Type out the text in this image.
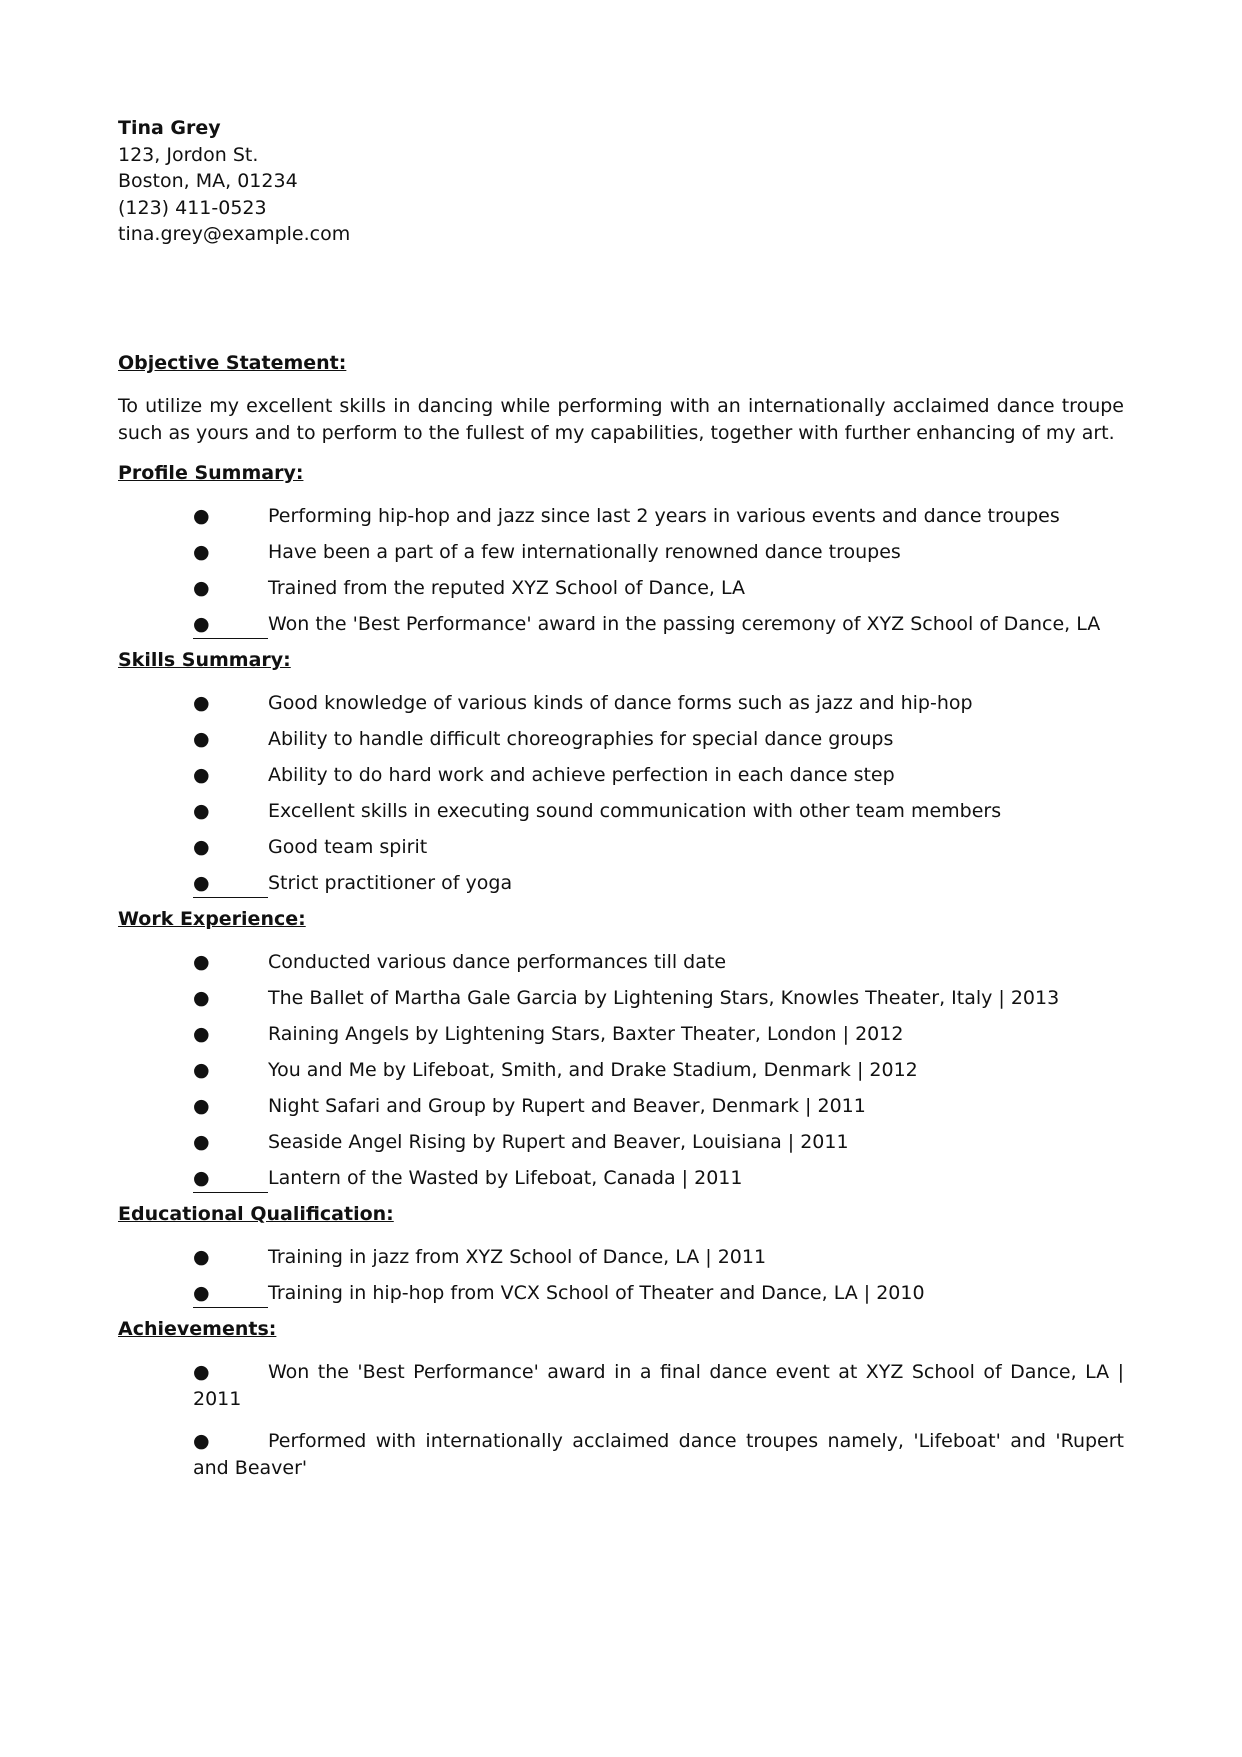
Tina Grey
123, Jordon St.
Boston, MA, 01234
(123) 411-0523
tina.grey@example.com
Objective Statement:
To utilize my excellent skills in dancing while performing with an internationally acclaimed dance troupe such as yours and to perform to the fullest of my capabilities, together with further enhancing of my art.
Profile Summary:
●	Performing hip-hop and jazz since last 2 years in various events and dance troupes
●	Have been a part of a few internationally renowned dance troupes
●	Trained from the reputed XYZ School of Dance, LA
●	Won the 'Best Performance' award in the passing ceremony of XYZ School of Dance, LA
Skills Summary:
●	Good knowledge of various kinds of dance forms such as jazz and hip-hop
●	Ability to handle difficult choreographies for special dance groups
●	Ability to do hard work and achieve perfection in each dance step
●	Excellent skills in executing sound communication with other team members
●	Good team spirit
●	Strict practitioner of yoga
Work Experience:
●	Conducted various dance performances till date
●	The Ballet of Martha Gale Garcia by Lightening Stars, Knowles Theater, Italy | 2013
●	Raining Angels by Lightening Stars, Baxter Theater, London | 2012
●	You and Me by Lifeboat, Smith, and Drake Stadium, Denmark | 2012
●	Night Safari and Group by Rupert and Beaver, Denmark | 2011
●	Seaside Angel Rising by Rupert and Beaver, Louisiana | 2011
●	Lantern of the Wasted by Lifeboat, Canada | 2011
Educational Qualification:
●	Training in jazz from XYZ School of Dance, LA | 2011
●	Training in hip-hop from VCX School of Theater and Dance, LA | 2010
Achievements:
●	Won the 'Best Performance' award in a final dance event at XYZ School of Dance, LA | 2011
●	Performed with internationally acclaimed dance troupes namely, 'Lifeboat' and 'Rupert and Beaver'
